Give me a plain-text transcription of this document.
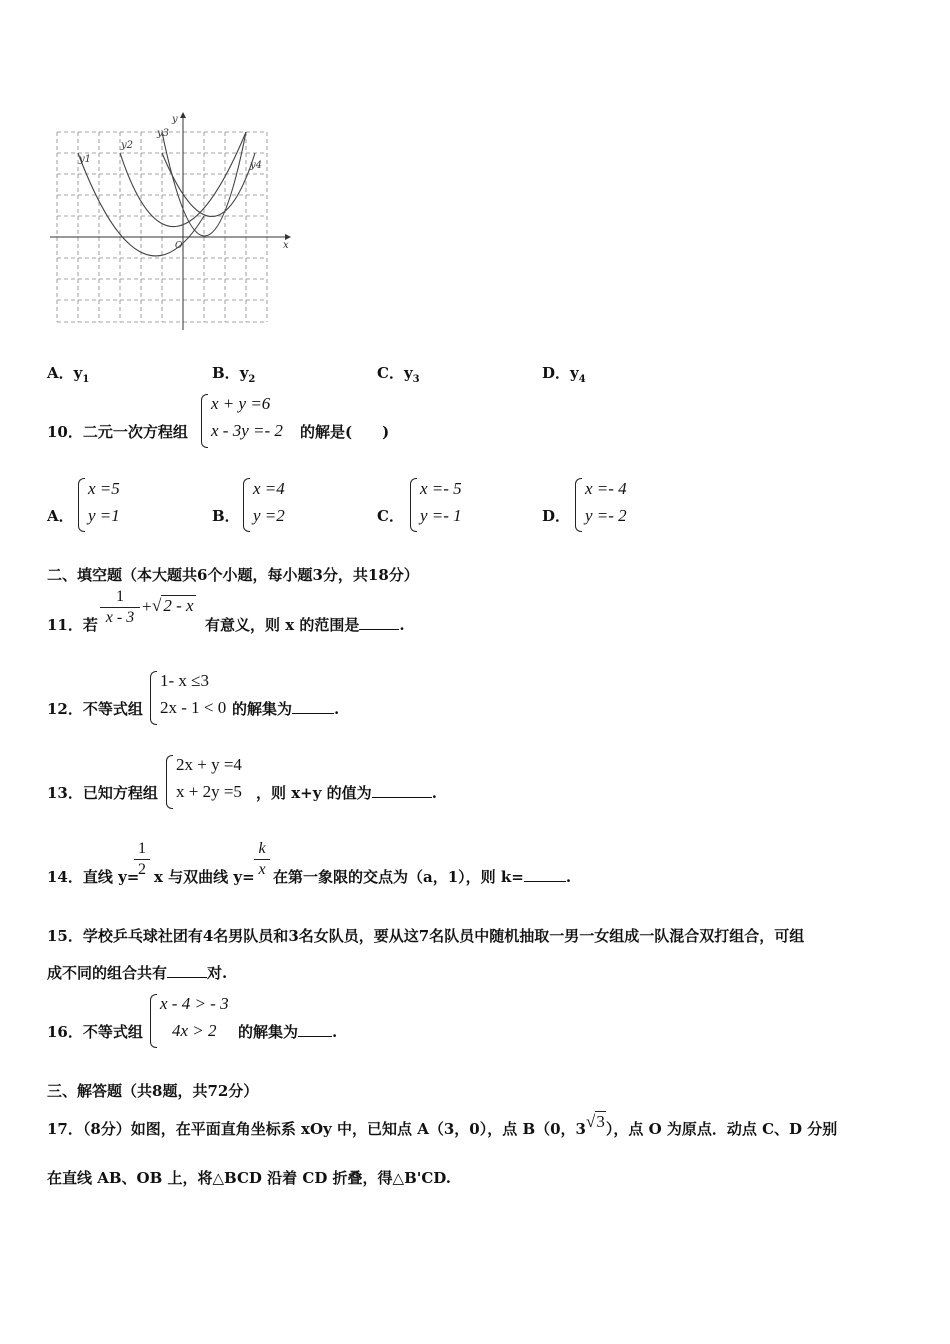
y1
y2
y3
y4
x
y
O
A．$y_1$	B．$y_2$	C．$y_3$	D．$y_4$
10．二元一次方程组
x + y =6
x - 3y =- 2 的解是(　　)
A．
x =5
y =1	B．
x =4
y =2	C．
x =- 5
y =- 1	D．
x =- 4
y =- 2
二、填空题（本大题共6个小题，每小题3分，共18分）
11．若
1
x - 3
+ √ 2 - x
有意义，则 x 的范围是	.
12．不等式组
1- x ≤3
2x - 1 < 0 的解集为	.
13．已知方程组
2x + y =4
x + 2y =5 ，则 x+y 的值为	.
14．直线 y=
1
2 x 与双曲线 y=
k
x 在第一象限的交点为（a，1），则 k=	.
15．学校乒乓球社团有4名男队员和3名女队员，要从这7名队员中随机抽取一男一女组成一队混合双打组合，可组
成不同的组合共有	对.
16．不等式组
x - 4 > - 3
4x > 2 的解集为 .
三、解答题（共8题，共72分）
17．（8分）如图，在平面直角坐标系 xOy 中，已知点 A（3，0），点 B（0，3√3），点 O 为原点．动点 C、D 分别
在直线 AB、OB 上，将△BCD 沿着 CD 折叠，得△B'CD.
